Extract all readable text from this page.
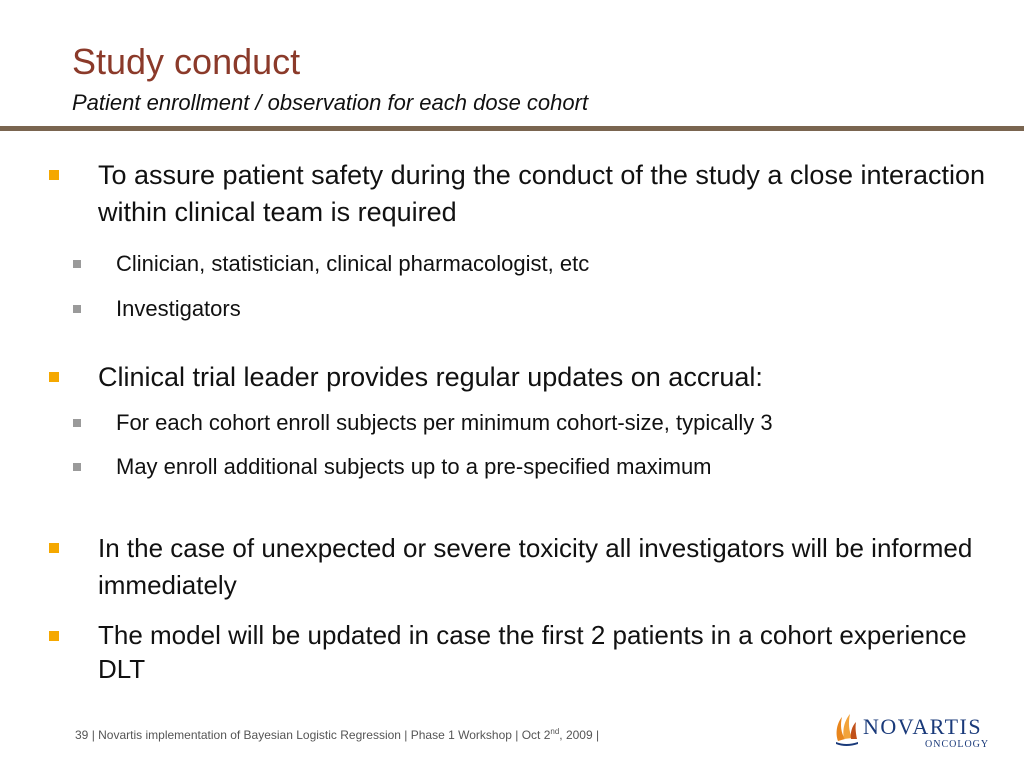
Study conduct
Patient enrollment / observation for each dose cohort
To assure patient safety during the conduct of the study a close interaction within clinical team is required
Clinician, statistician, clinical pharmacologist, etc
Investigators
Clinical trial leader provides regular updates on accrual:
For each cohort enroll subjects per minimum cohort-size, typically 3
May enroll additional subjects up to a pre-specified maximum
In the case of unexpected or severe toxicity all investigators will be informed immediately
The model will be updated in case the first 2 patients in a cohort experience DLT
39 | Novartis implementation of Bayesian Logistic Regression | Phase 1 Workshop | Oct 2nd, 2009 |	NOVARTIS
ONCOLOGY
